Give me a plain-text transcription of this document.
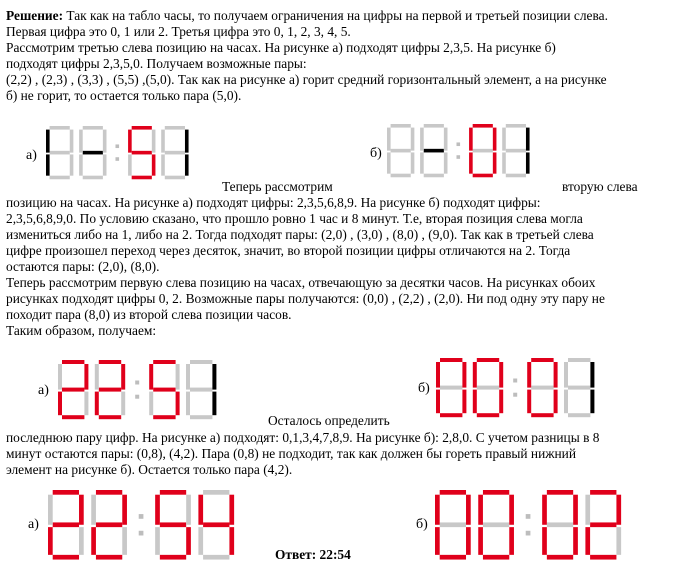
Решение: Так как на табло часы, то получаем ограничения на цифры на первой и третьей позиции слева.
Первая цифра это 0, 1 или 2. Третья цифра это 0, 1, 2, 3, 4, 5.
Рассмотрим третью слева позицию на часах. На рисунке а) подходят цифры 2,3,5. На рисунке б)
подходят цифры 2,3,5,0. Получаем возможные пары:
(2,2) , (2,3) , (3,3) , (5,5) ,(5,0). Так как на рисунке а) горит средний горизонтальный элемент, а на рисунке
б) не горит, то остается только пара (5,0).
а)
Теперь рассмотрим
б)
вторую слева
позицию на часах. На рисунке а) подходят цифры: 2,3,5,6,8,9. На рисунке б) подходят цифры:
2,3,5,6,8,9,0. По условию сказано, что прошло ровно 1 час и 8 минут. Т.е, вторая позиция слева могла
измениться либо на 1, либо на 2. Тогда подходят пары: (2,0) , (3,0) , (8,0) , (9,0). Так как в третьей слева
цифре произошел переход через десяток, значит, во второй позиции цифры отличаются на 2. Тогда
остаются пары: (2,0), (8,0).
Теперь рассмотрим первую слева позицию на часах, отвечающую за десятки часов. На рисунках обоих
рисунках подходят цифры 0, 2. Возможные пары получаются: (0,0) , (2,2) , (2,0). Ни под одну эту пару не
походит пара (8,0) из второй слева позиции часов.
Таким образом, получаем:
а)
Осталось определить
б)
последнюю пару цифр. На рисунке а) подходят: 0,1,3,4,7,8,9. На рисунке б): 2,8,0. С учетом разницы в 8
минут остаются пары: (0,8), (4,2). Пара (0,8) не подходит, так как должен бы гореть правый нижний
элемент на рисунке б). Остается только пара (4,2).
а)
Ответ: 22:54
б)
